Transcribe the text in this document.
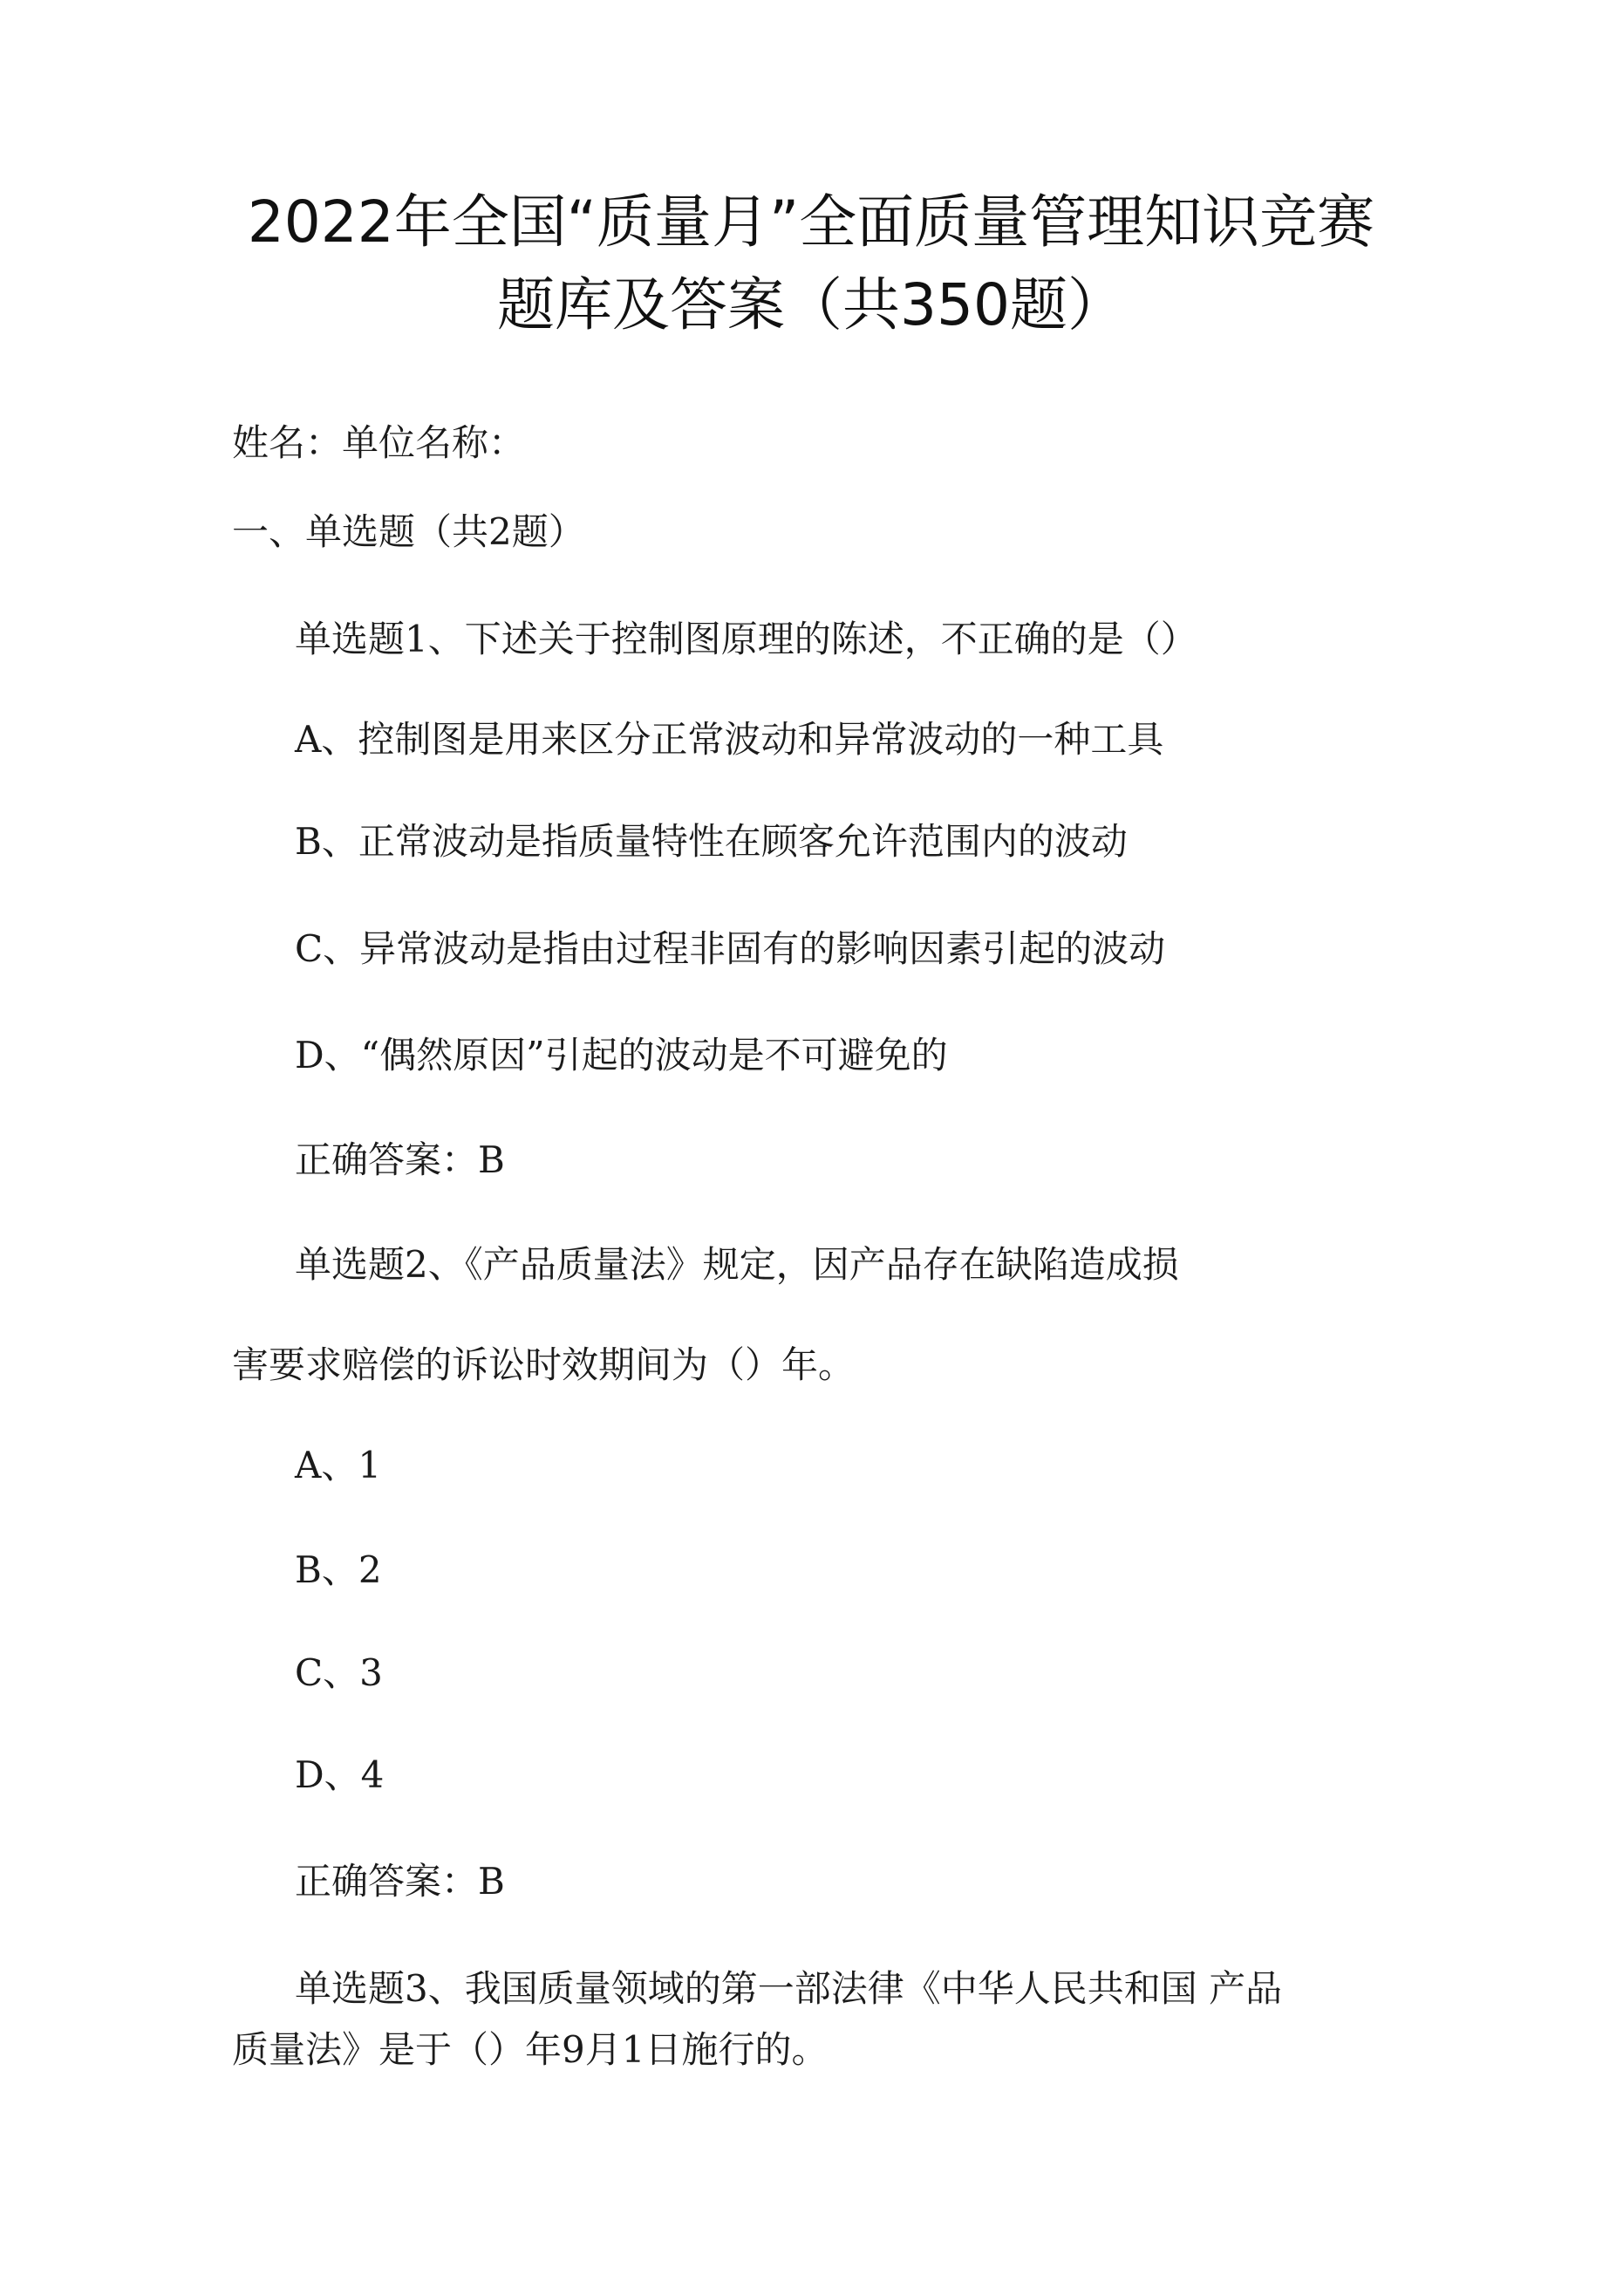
2022年全国“质量月”全面质量管理知识竞赛
题库及答案（共350题）
姓名：单位名称：
一、单选题（共2题）
单选题1、下述关于控制图原理的陈述，不正确的是（）
A、控制图是用来区分正常波动和异常波动的一种工具
B、正常波动是指质量特性在顾客允许范围内的波动
C、异常波动是指由过程非固有的影响因素引起的波动
D、“偶然原因”引起的波动是不可避免的
正确答案：B
单选题2、《产品质量法》规定，因产品存在缺陷造成损
害要求赔偿的诉讼时效期间为（）年。
A、1
B、2
C、3
D、4
正确答案：B
单选题3、我国质量领域的第一部法律《中华人民共和国 产品
质量法》是于（）年9月1日施行的。
